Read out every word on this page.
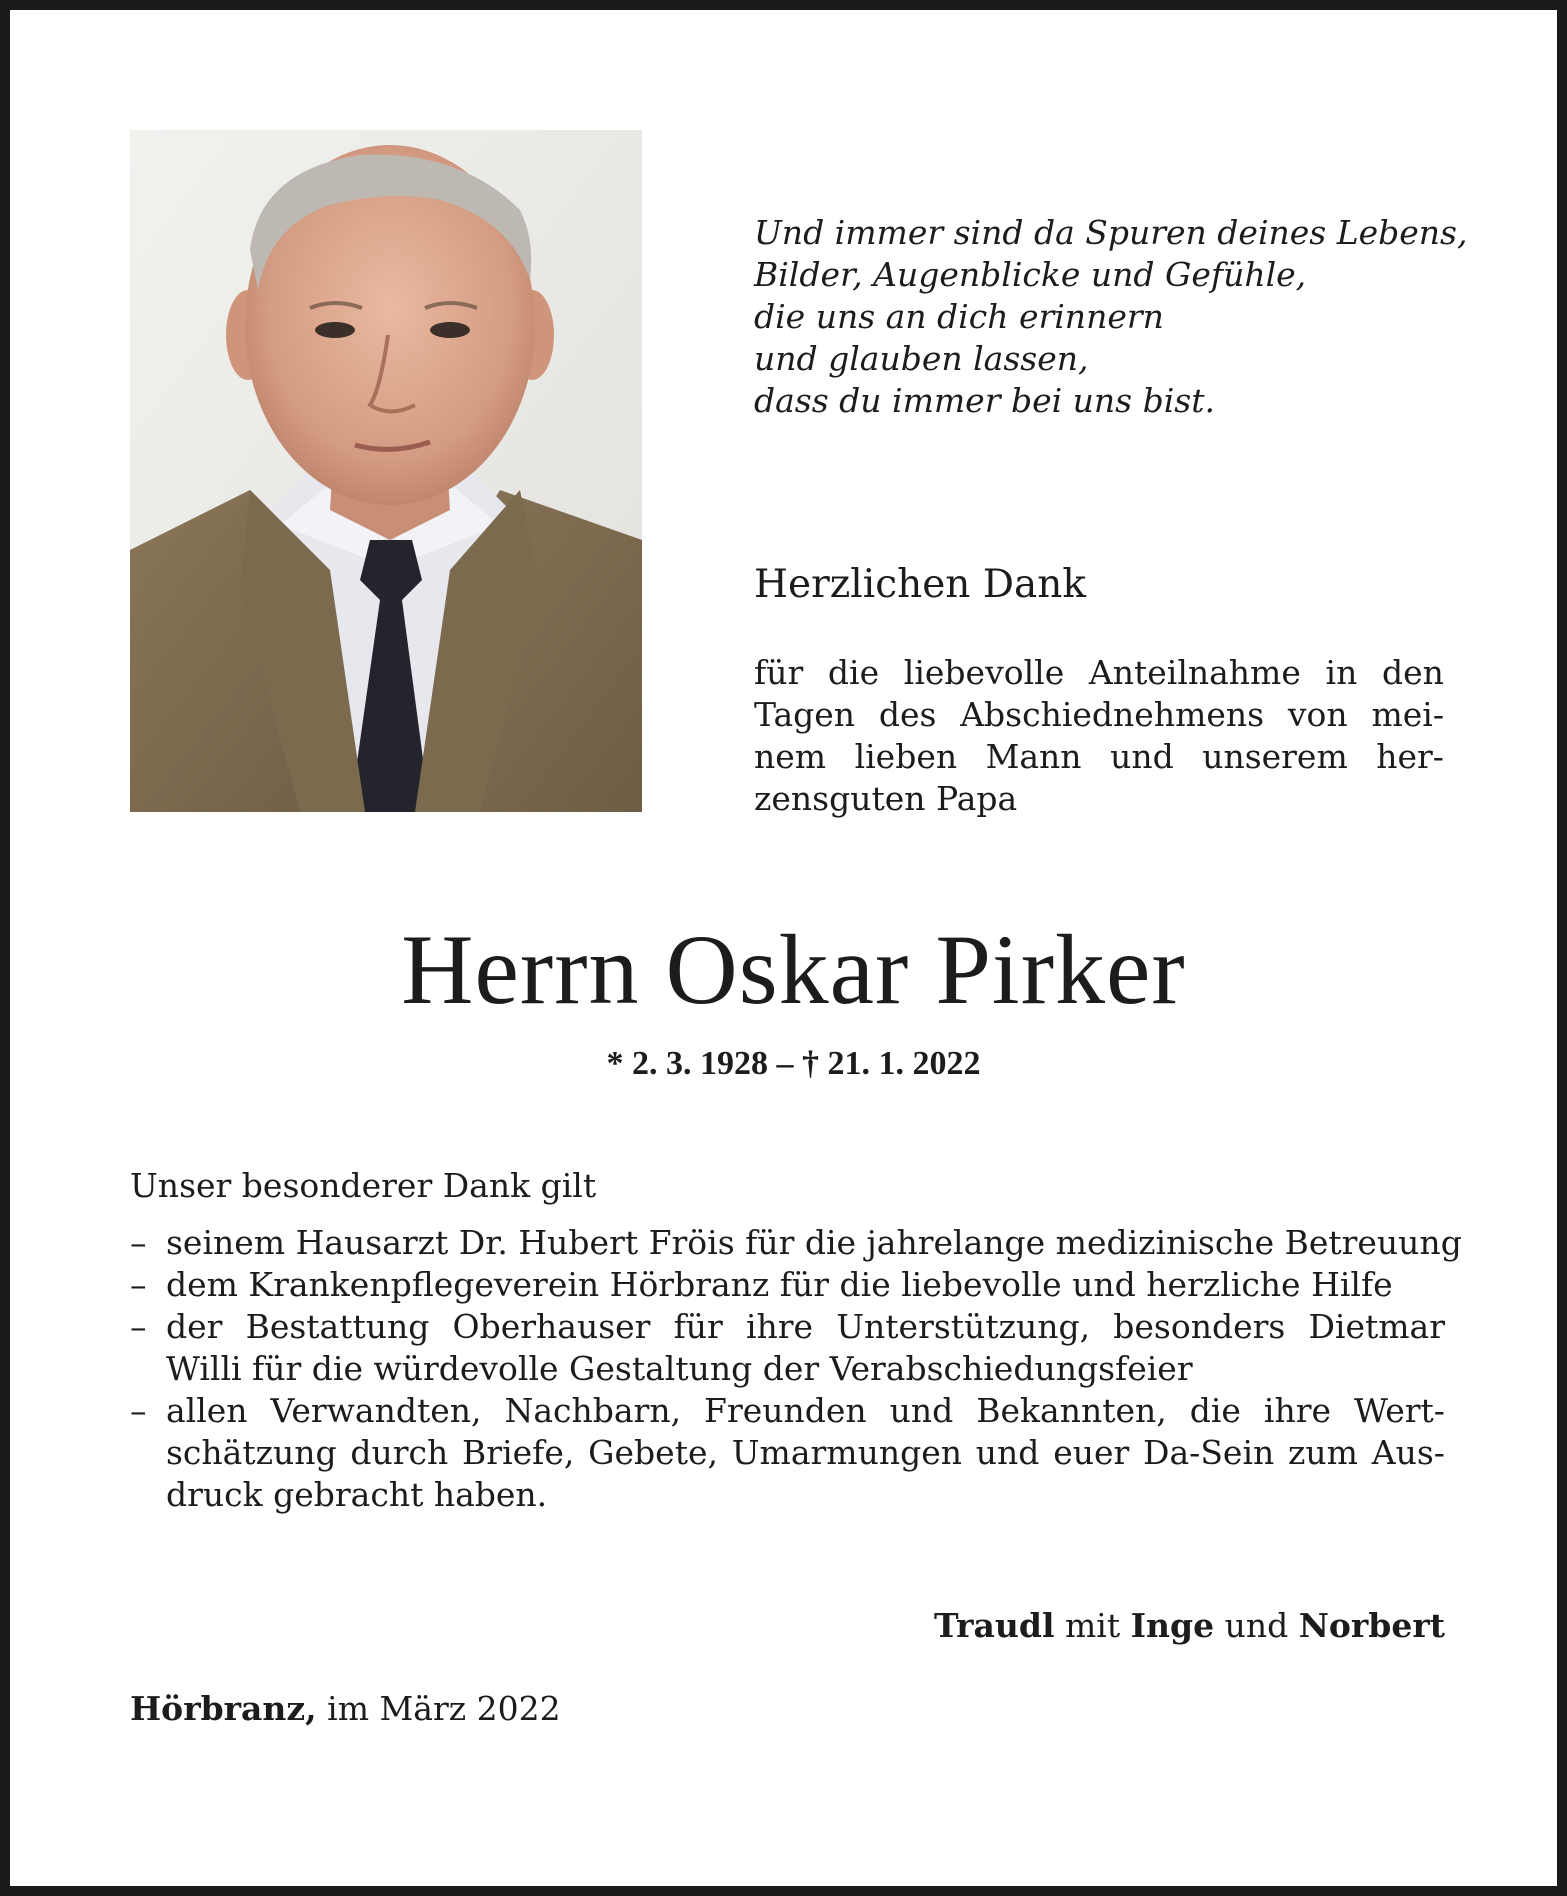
Und immer sind da Spuren deines Lebens,
Bilder, Augenblicke und Gefühle,
die uns an dich erinnern
und glauben lassen,
dass du immer bei uns bist.
Herzlichen Dank
für die liebevolle Anteilnahme in den
Tagen des Abschiednehmens von mei-
nem lieben Mann und unserem her-
zensguten Papa
Herrn Oskar Pirker
* 2. 3. 1928 – † 21. 1. 2022
Unser besonderer Dank gilt
– seinem Hausarzt Dr. Hubert Fröis für die jahrelange medizinische Betreuung
– dem Krankenpflegeverein Hörbranz für die liebevolle und herzliche Hilfe
– der Bestattung Oberhauser für ihre Unterstützung, besonders Dietmar
Willi für die würdevolle Gestaltung der Verabschiedungsfeier
– allen Verwandten, Nachbarn, Freunden und Bekannten, die ihre Wert-
schätzung durch Briefe, Gebete, Umarmungen und euer Da-Sein zum Aus-
druck gebracht haben.
Traudl mit Inge und Norbert
Hörbranz, im März 2022
